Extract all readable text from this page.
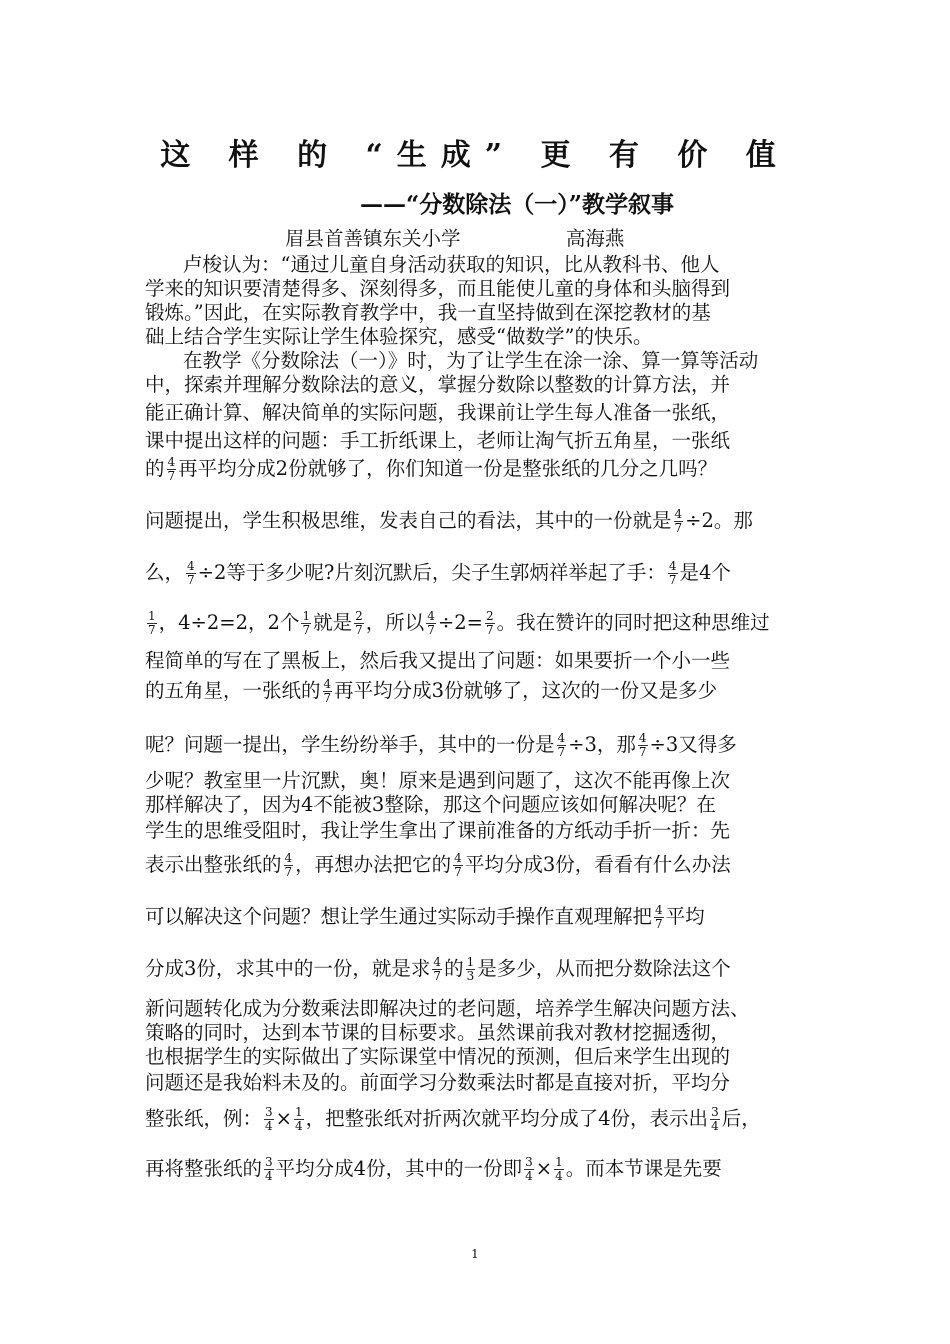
这 样 的 “生成” 更 有 价 值
——“分数除法（一）”教学叙事
眉县首善镇东关小学                 高海燕
卢梭认为：“通过儿童自身活动获取的知识，比从教科书、他人
学来的知识要清楚得多、深刻得多，而且能使儿童的身体和头脑得到
锻炼。”因此，在实际教育教学中，我一直坚持做到在深挖教材的基
础上结合学生实际让学生体验探究，感受“做数学”的快乐。
在教学《分数除法（一）》时，为了让学生在涂一涂、算一算等活动
中，探索并理解分数除法的意义，掌握分数除以整数的计算方法，并
能正确计算、解决简单的实际问题，我课前让学生每人准备一张纸，
课中提出这样的问题：手工折纸课上，老师让淘气折五角星，一张纸
的 $\frac{4}{7}$ 再平均分成2份就够了，你们知道一份是整张纸的几分之几吗？
问题提出，学生积极思维，发表自己的看法，其中的一份就是 $\frac{4}{7} \div 2$。那
么， $\frac{4}{7} \div 2$等于多少呢?片刻沉默后，尖子生郭炳祥举起了手： $\frac{4}{7}$ 是4个
$\frac{1}{7}$ ，4÷2=2，2个 $\frac{1}{7}$ 就是 $\frac{2}{7}$ ，所以 $\frac{4}{7} \div 2= \frac{2}{7}$ 。我在赞许的同时把这种思维过
程简单的写在了黑板上，然后我又提出了问题：如果要折一个小一些
的五角星，一张纸的 $\frac{4}{7}$ 再平均分成3份就够了，这次的一份又是多少
呢？问题一提出，学生纷纷举手，其中的一份是 $\frac{4}{7} \div 3$，那 $\frac{4}{7} \div 3$又得多
少呢？教室里一片沉默，奥！原来是遇到问题了，这次不能再像上次
那样解决了，因为4不能被3整除，那这个问题应该如何解决呢？在
学生的思维受阻时，我让学生拿出了课前准备的方纸动手折一折：先
表示出整张纸的 $\frac{4}{7}$ ，再想办法把它的 $\frac{4}{7}$ 平均分成3份，看看有什么办法
可以解决这个问题？想让学生通过实际动手操作直观理解把 $\frac{4}{7}$ 平均
分成3份，求其中的一份，就是求 $\frac{4}{7}$ 的 $\frac{1}{3}$ 是多少，从而把分数除法这个
新问题转化成为分数乘法即解决过的老问题，培养学生解决问题方法、
策略的同时，达到本节课的目标要求。虽然课前我对教材挖掘透彻，
也根据学生的实际做出了实际课堂中情况的预测，但后来学生出现的
问题还是我始料未及的。前面学习分数乘法时都是直接对折，平均分
整张纸，例： $\frac{3}{4} \times \frac{1}{4}$ ，把整张纸对折两次就平均分成了4份，表示出 $\frac{3}{4}$ 后，
再将整张纸的 $\frac{3}{4}$ 平均分成4份，其中的一份即 $\frac{3}{4} \times \frac{1}{4}$ 。而本节课是先要
1
